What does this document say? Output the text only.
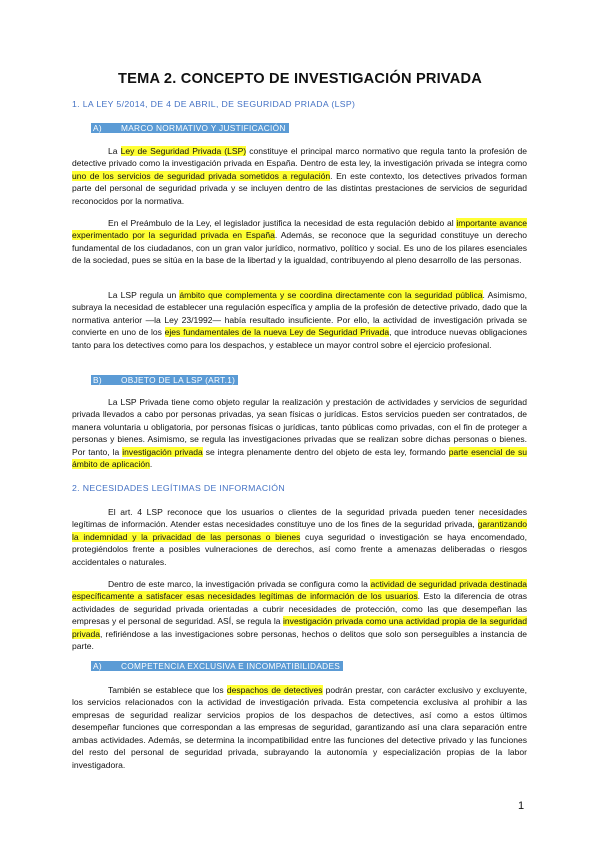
TEMA 2. CONCEPTO DE INVESTIGACIÓN PRIVADA
1. LA LEY 5/2014, DE 4 DE ABRIL, DE SEGURIDAD PRIADA (LSP)
A) MARCO NORMATIVO Y JUSTIFICACIÓN
La Ley de Seguridad Privada (LSP) constituye el principal marco normativo que regula tanto la profesión de detective privado como la investigación privada en España. Dentro de esta ley, la investigación privada se integra como uno de los servicios de seguridad privada sometidos a regulación. En este contexto, los detectives privados forman parte del personal de seguridad privada y se incluyen dentro de las distintas prestaciones de servicios de seguridad reconocidos por la normativa.
En el Preámbulo de la Ley, el legislador justifica la necesidad de esta regulación debido al importante avance experimentado por la seguridad privada en España. Además, se reconoce que la seguridad constituye un derecho fundamental de los ciudadanos, con un gran valor jurídico, normativo, político y social. Es uno de los pilares esenciales de la sociedad, pues se sitúa en la base de la libertad y la igualdad, contribuyendo al pleno desarrollo de las personas.
La LSP regula un ámbito que complementa y se coordina directamente con la seguridad pública. Asimismo, subraya la necesidad de establecer una regulación específica y amplia de la profesión de detective privado, dado que la normativa anterior —la Ley 23/1992— había resultado insuficiente. Por ello, la actividad de investigación privada se convierte en uno de los ejes fundamentales de la nueva Ley de Seguridad Privada, que introduce nuevas obligaciones tanto para los detectives como para los despachos, y establece un mayor control sobre el ejercicio profesional.
B) OBJETO DE LA LSP (ART.1)
La LSP Privada tiene como objeto regular la realización y prestación de actividades y servicios de seguridad privada llevados a cabo por personas privadas, ya sean físicas o jurídicas. Estos servicios pueden ser contratados, de manera voluntaria u obligatoria, por personas físicas o jurídicas, tanto públicas como privadas, con el fin de proteger a personas y bienes. Asimismo, se regula las investigaciones privadas que se realizan sobre dichas personas o bienes. Por tanto, la investigación privada se integra plenamente dentro del objeto de esta ley, formando parte esencial de su ámbito de aplicación.
2. NECESIDADES LEGÍTIMAS DE INFORMACIÓN
El art. 4 LSP reconoce que los usuarios o clientes de la seguridad privada pueden tener necesidades legítimas de información. Atender estas necesidades constituye uno de los fines de la seguridad privada, garantizando la indemnidad y la privacidad de las personas o bienes cuya seguridad o investigación se haya encomendado, protegiéndolos frente a posibles vulneraciones de derechos, así como frente a amenazas deliberadas o riesgos accidentales o naturales.
Dentro de este marco, la investigación privada se configura como la actividad de seguridad privada destinada específicamente a satisfacer esas necesidades legítimas de información de los usuarios. Esto la diferencia de otras actividades de seguridad privada orientadas a cubrir necesidades de protección, como las que desempeñan las empresas y el personal de seguridad. ASÍ, se regula la investigación privada como una actividad propia de la seguridad privada, refiriéndose a las investigaciones sobre personas, hechos o delitos que solo son perseguibles a instancia de parte.
A) COMPETENCIA EXCLUSIVA E INCOMPATIBILIDADES
También se establece que los despachos de detectives podrán prestar, con carácter exclusivo y excluyente, los servicios relacionados con la actividad de investigación privada. Esta competencia exclusiva al prohibir a las empresas de seguridad realizar servicios propios de los despachos de detectives, así como a estos últimos desempeñar funciones que correspondan a las empresas de seguridad, garantizando así una clara separación entre ambas actividades. Además, se determina la incompatibilidad entre las funciones del detective privado y las funciones del resto del personal de seguridad privada, subrayando la autonomía y especialización propias de la labor investigadora.
1
